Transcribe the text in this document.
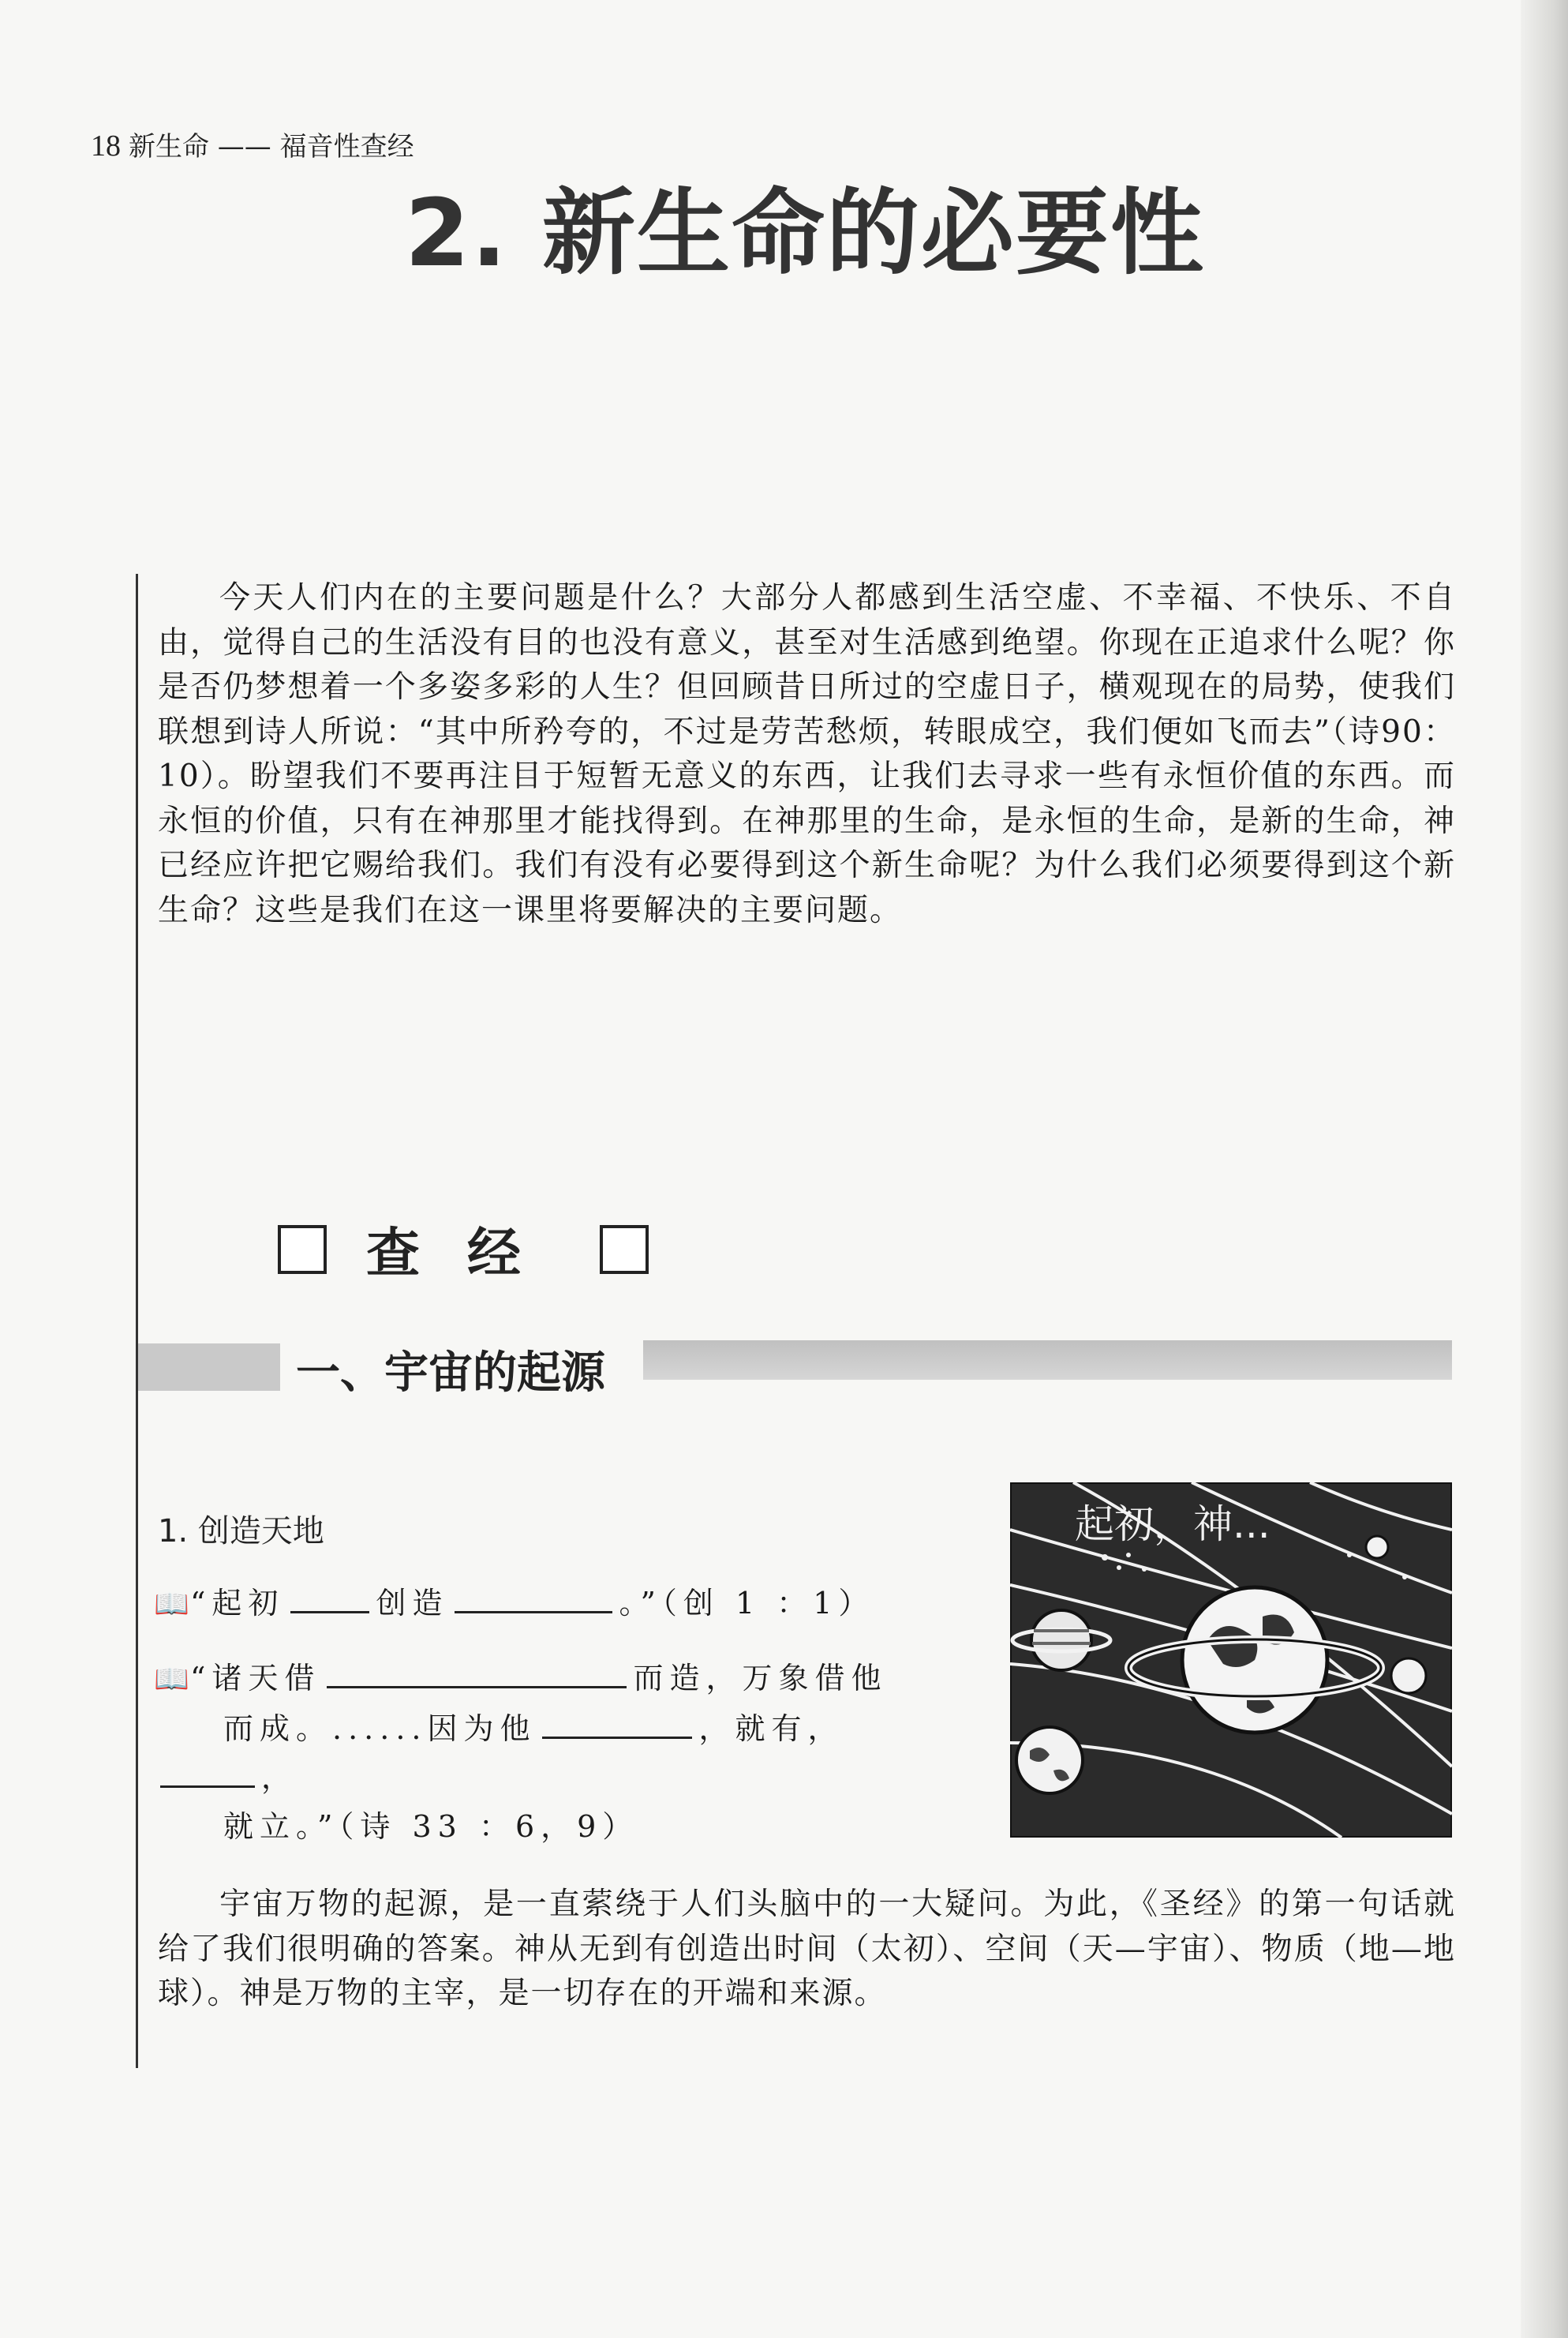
18 新生命 —— 福音性查经
2. 新生命的必要性

今天人们内在的主要问题是什么？大部分人都感到生活空虚、不幸福、不快乐、不自由，觉得自己的生活没有目的也没有意义，甚至对生活感到绝望。你现在正追求什么呢？你是否仍梦想着一个多姿多彩的人生？但回顾昔日所过的空虚日子，横观现在的局势，使我们联想到诗人所说：“其中所矜夸的，不过是劳苦愁烦，转眼成空，我们便如飞而去”（诗90：10）。盼望我们不要再注目于短暂无意义的东西，让我们去寻求一些有永恒价值的东西。而永恒的价值，只有在神那里才能找得到。在神那里的生命，是永恒的生命，是新的生命，神已经应许把它赐给我们。我们有没有必要得到这个新生命呢？为什么我们必须要得到这个新生命？这些是我们在这一课里将要解决的主要问题。

查经
一、宇宙的起源
1. 创造天地
📖“起初	创造	。”（创 1 ：1）
📖“诸天借	而造，万象借他
而成。......因为他	，就有，，
就立。”（诗 33 ：6，9）
起初，神...

宇宙万物的起源，是一直萦绕于人们头脑中的一大疑问。为此，《圣经》的第一句话就给了我们很明确的答案。神从无到有创造出时间（太初）、空间（天—宇宙）、物质（地—地球）。神是万物的主宰，是一切存在的开端和来源。
